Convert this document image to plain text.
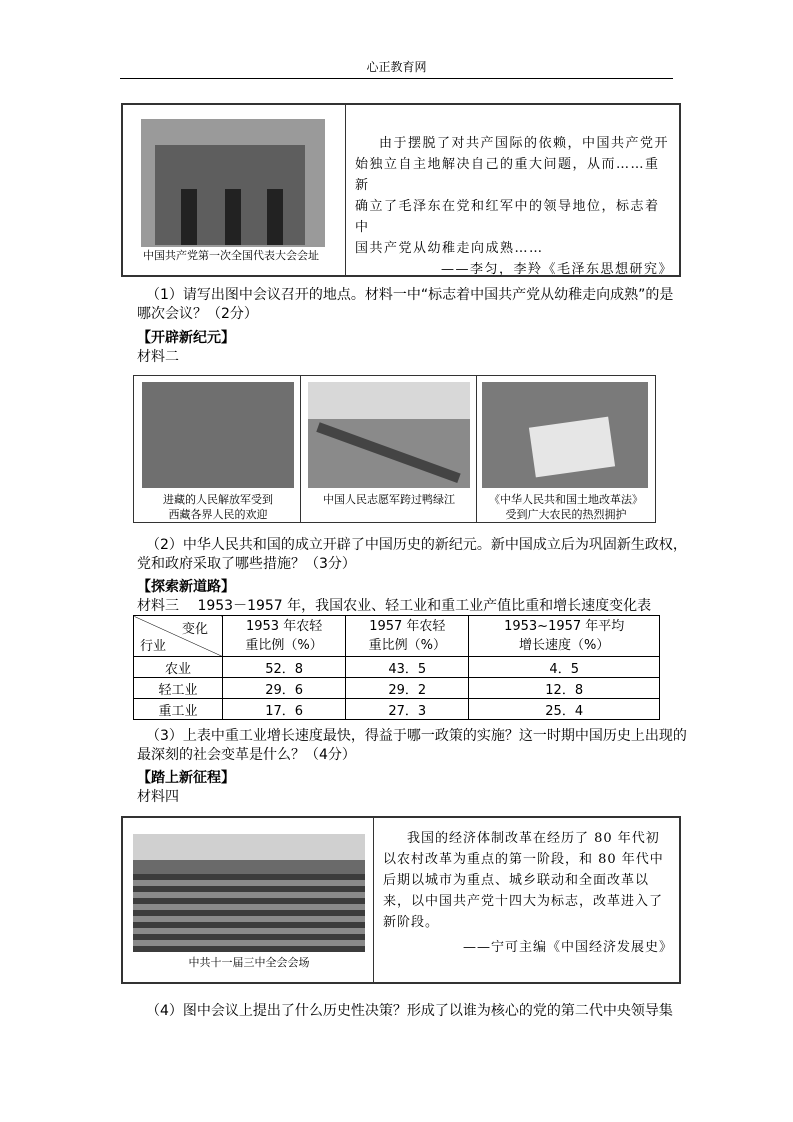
心正教育网
中国共产党第一次全国代表大会会址
由于摆脱了对共产国际的依赖，中国共产党开
始独立自主地解决自己的重大问题，从而……重新
确立了毛泽东在党和红军中的领导地位，标志着中
国共产党从幼稚走向成熟……
——李匀，李羚《毛泽东思想研究》
（1）请写出图中会议召开的地点。材料一中“标志着中国共产党从幼稚走向成熟”的是
哪次会议？（2分）
【开辟新纪元】
材料二
进藏的人民解放军受到
西藏各界人民的欢迎
中国人民志愿军跨过鸭绿江	《中华人民共和国土地改革法》
受到广大农民的热烈拥护
（2）中华人民共和国的成立开辟了中国历史的新纪元。新中国成立后为巩固新生政权，
党和政府采取了哪些措施？（3分）
【探索新道路】
材料三 1953－1957 年，我国农业、轻工业和重工业产值比重和增长速度变化表
变化
行业	1953 年农轻
重比例（%）	1957 年农轻
重比例（%）	1953~1957 年平均
增长速度（%）

农业	52．8	43．5	4．5
轻工业	29．6	29．2	12．8
重工业	17．6	27．3	25．4
（3）上表中重工业增长速度最快，得益于哪一政策的实施？这一时期中国历史上出现的
最深刻的社会变革是什么？（4分）
【踏上新征程】
材料四
中共十一届三中全会会场
我国的经济体制改革在经历了 80 年代初
以农村改革为重点的第一阶段，和 80 年代中
后期以城市为重点、城乡联动和全面改革以
来，以中国共产党十四大为标志，改革进入了
新阶段。
——宁可主编《中国经济发展史》
（4）图中会议上提出了什么历史性决策？形成了以谁为核心的党的第二代中央领导集
